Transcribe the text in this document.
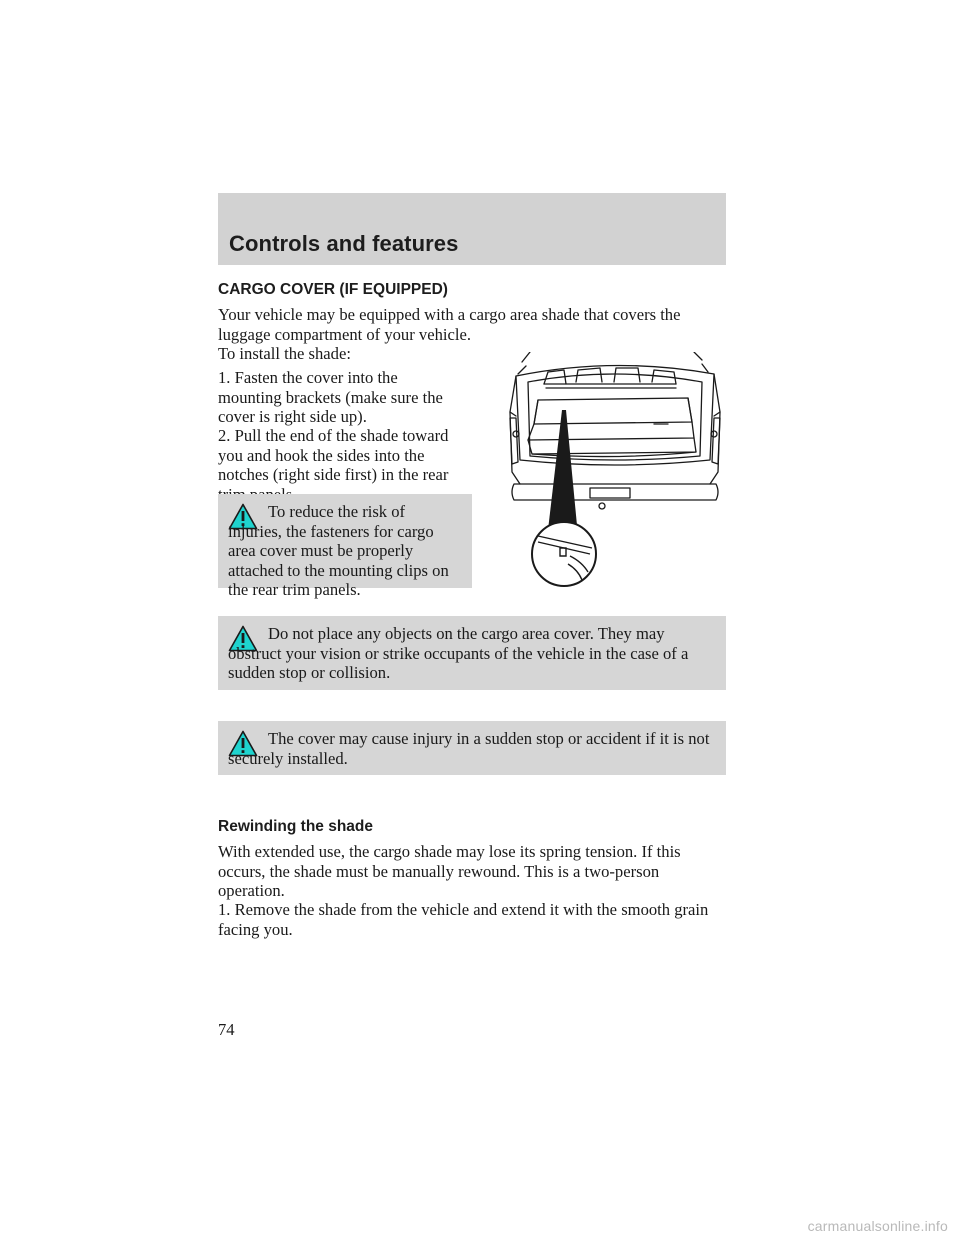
Controls and features
CARGO COVER (IF EQUIPPED)

Your vehicle may be equipped with a cargo area shade that covers the luggage compartment of your vehicle.

To install the shade:

1. Fasten the cover into the mounting brackets (make sure the cover is right side up).

2. Pull the end of the shade toward you and hook the sides into the notches (right side first) in the rear

To reduce the risk of injuries, the fasteners for cargo area cover must be properly attached to the mounting clips on the rear trim panels.

Do not place any objects on the cargo area cover. They may obstruct your vision or strike occupants of the vehicle in the case of a sudden stop or collision.

The cover may cause injury in a sudden stop or accident if it is not securely installed.

Rewinding the shade

With extended use, the cargo shade may lose its spring tension. If this occurs, the shade must be manually rewound. This is a two-person operation.

1. Remove the shade from the vehicle and extend it with the smooth grain facing you.

74
carmanualsonline.info
